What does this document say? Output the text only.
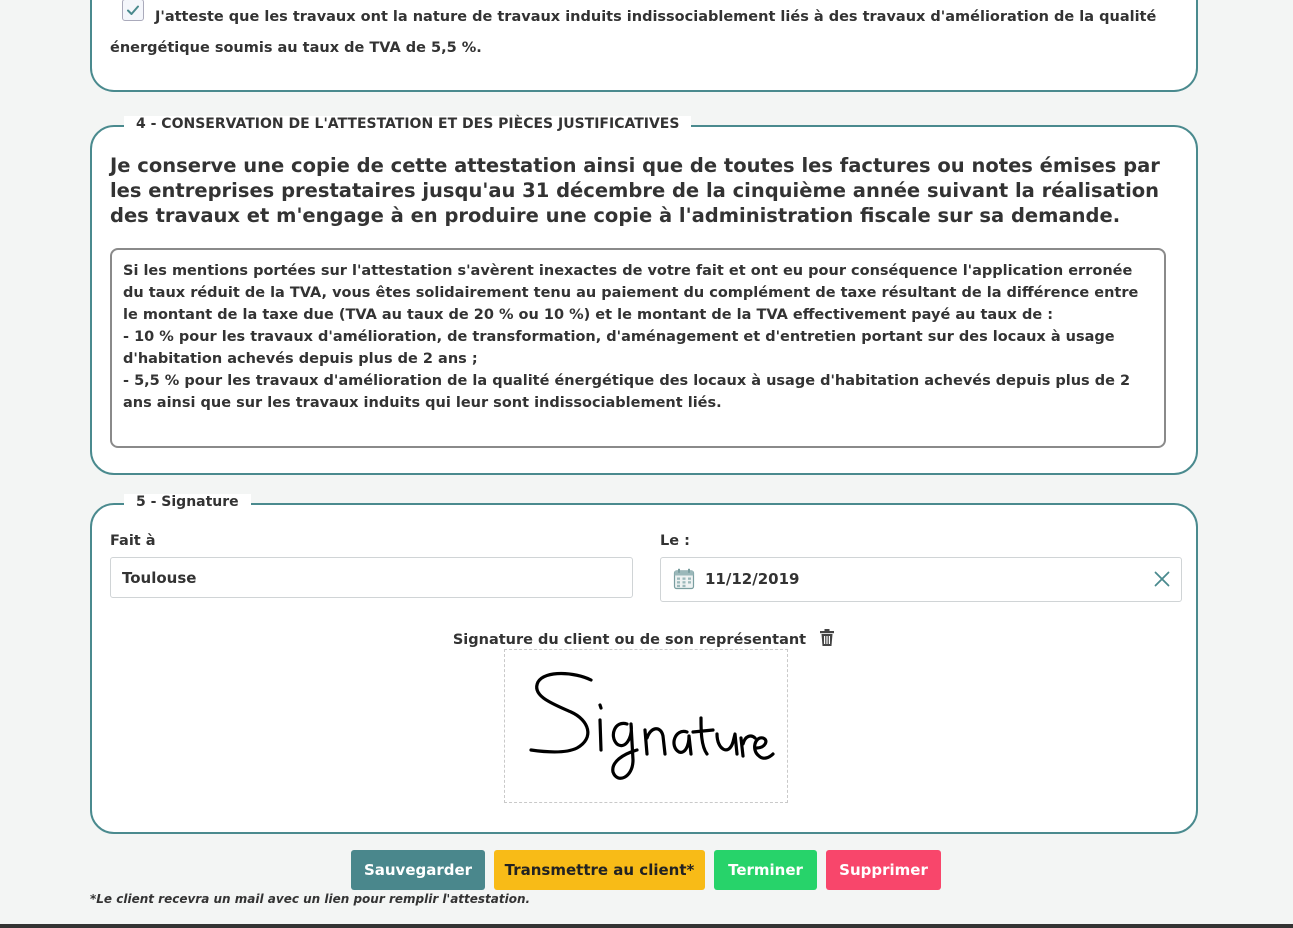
J'atteste que les travaux ont la nature de travaux induits indissociablement liés à des travaux d'amélioration de la qualité énergétique soumis au taux de TVA de 5,5 %.

4 - CONSERVATION DE L'ATTESTATION ET DES PIÈCES JUSTIFICATIVES

Je conserve une copie de cette attestation ainsi que de toutes les factures ou notes émises par les entreprises prestataires jusqu'au 31 décembre de la cinquième année suivant la réalisation des travaux et m'engage à en produire une copie à l'administration fiscale sur sa demande.

Si les mentions portées sur l'attestation s'avèrent inexactes de votre fait et ont eu pour conséquence l'application erronée du taux réduit de la TVA, vous êtes solidairement tenu au paiement du complément de taxe résultant de la différence entre le montant de la taxe due (TVA au taux de 20 % ou 10 %) et le montant de la TVA effectivement payé au taux de :
- 10 % pour les travaux d'amélioration, de transformation, d'aménagement et d'entretien portant sur des locaux à usage d'habitation achevés depuis plus de 2 ans ;
- 5,5 % pour les travaux d'amélioration de la qualité énergétique des locaux à usage d'habitation achevés depuis plus de 2 ans ainsi que sur les travaux induits qui leur sont indissociablement liés.
5 - Signature
Fait à
Toulouse
Le :
11/12/2019
Signature du client ou de son représentant
Sauvegarder	Transmettre au client*	Terminer	Supprimer
*Le client recevra un mail avec un lien pour remplir l'attestation.
